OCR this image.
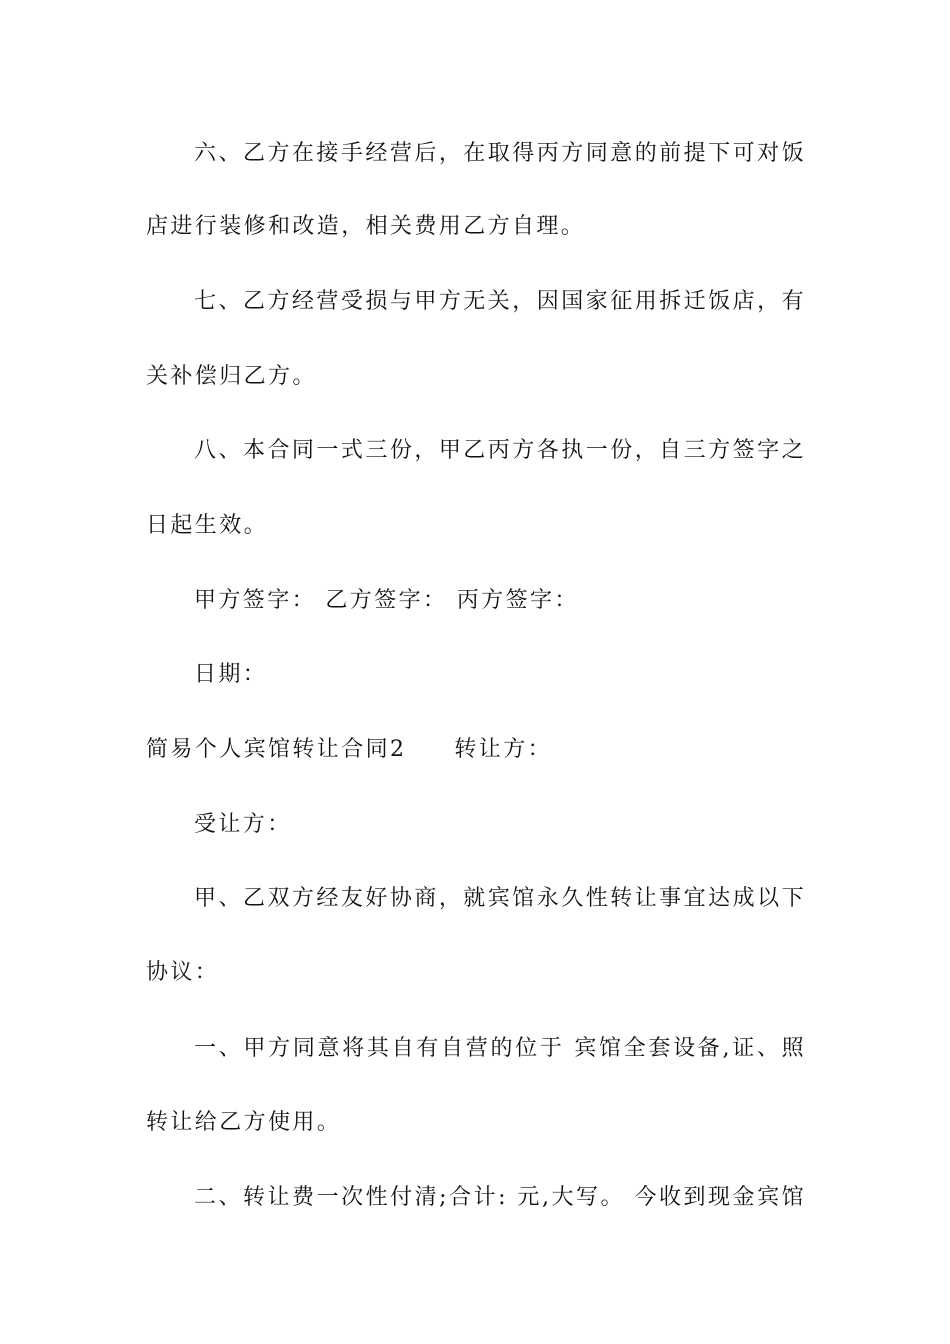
六、乙方在接手经营后，在取得丙方同意的前提下可对饭
店进行装修和改造，相关费用乙方自理。
七、乙方经营受损与甲方无关，因国家征用拆迁饭店，有
关补偿归乙方。
八、本合同一式三份，甲乙丙方各执一份，自三方签字之
日起生效。
甲方签字： 乙方签字： 丙方签字：
日期：
简易个人宾馆转让合同2 转让方：
受让方：
甲、乙双方经友好协商，就宾馆永久性转让事宜达成以下
协议：
一、甲方同意将其自有自营的位于 宾馆全套设备,证、照
转让给乙方使用。
二、转让费一次性付清;合计: 元,大写。 今收到现金宾馆
